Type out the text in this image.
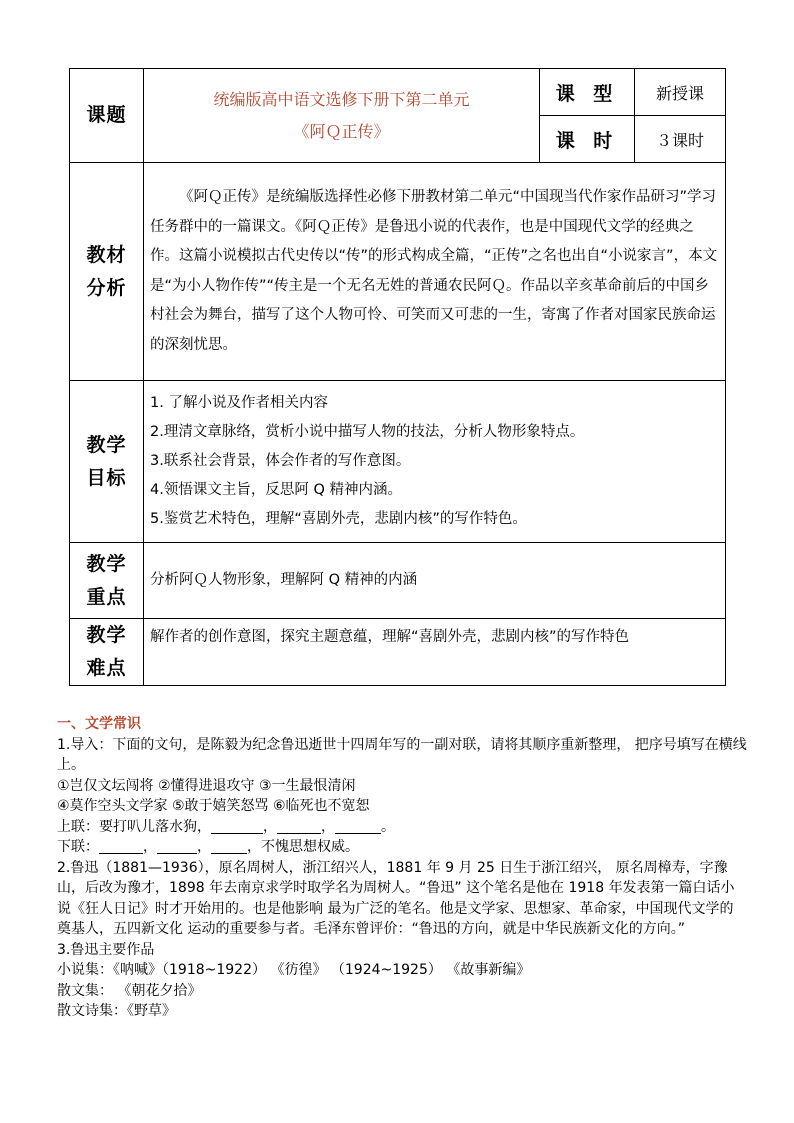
课题	统编版高中语文选修下册下第二单元
《阿Ｑ正传》	课 型	新授课
		课 时	３课时

教材
分析	《阿Ｑ正传》是统编版选择性必修下册教材第二单元“中国现当代作家作品研习”学习任务群中的一篇课文。《阿Ｑ正传》是鲁迅小说的代表作，也是中国现代文学的经典之作。这篇小说模拟古代史传以“传”的形式构成全篇，“正传”之名也出自“小说家言”，本文是“为小人物作传”“传主是一个无名无姓的普通农民阿Ｑ。作品以辛亥革命前后的中国乡村社会为舞台，描写了这个人物可怜、可笑而又可悲的一生，寄寓了作者对国家民族命运的深刻忧思。		

教学
目标	1. 了解小说及作者相关内容
2.理清文章脉络，赏析小说中描写人物的技法，分析人物形象特点。
3.联系社会背景，体会作者的写作意图。
4.领悟课文主旨，反思阿 Q 精神内涵。
5.鉴赏艺术特色，理解“喜剧外壳，悲剧内核”的写作特色。		

教学
重点	分析阿Ｑ人物形象，理解阿 Q 精神的内涵		

教学
难点	解作者的创作意图，探究主题意蕴，理解“喜剧外壳，悲剧内核”的写作特色		
一、文学常识
1.导入：下面的文句，是陈毅为纪念鲁迅逝世十四周年写的一副对联，请将其顺序重新整理， 把序号填写在横线上。
①岂仅文坛闯将 ②懂得进退攻守 ③一生最恨清闲
④莫作空头文学家 ⑤敢于嬉笑怒骂 ⑥临死也不宽恕
上联：要打叭儿落水狗，	，	，	。
下联：	，	，	，不愧思想权威。
2.鲁迅（1881—1936），原名周树人，浙江绍兴人，1881 年 9 月 25 日生于浙江绍兴， 原名周樟寿，字豫山，后改为豫才，1898 年去南京求学时取学名为周树人。“鲁迅” 这个笔名是他在 1918 年发表第一篇白话小说《狂人日记》时才开始用的。也是他影响 最为广泛的笔名。他是文学家、思想家、革命家，中国现代文学的奠基人，五四新文化 运动的重要参与者。毛泽东曾评价：“鲁迅的方向，就是中华民族新文化的方向。”
3.鲁迅主要作品
小说集：《呐喊》（1918~1922） 《彷徨》 （1924~1925） 《故事新编》
散文集： 《朝花夕拾》
散文诗集：《野草》
